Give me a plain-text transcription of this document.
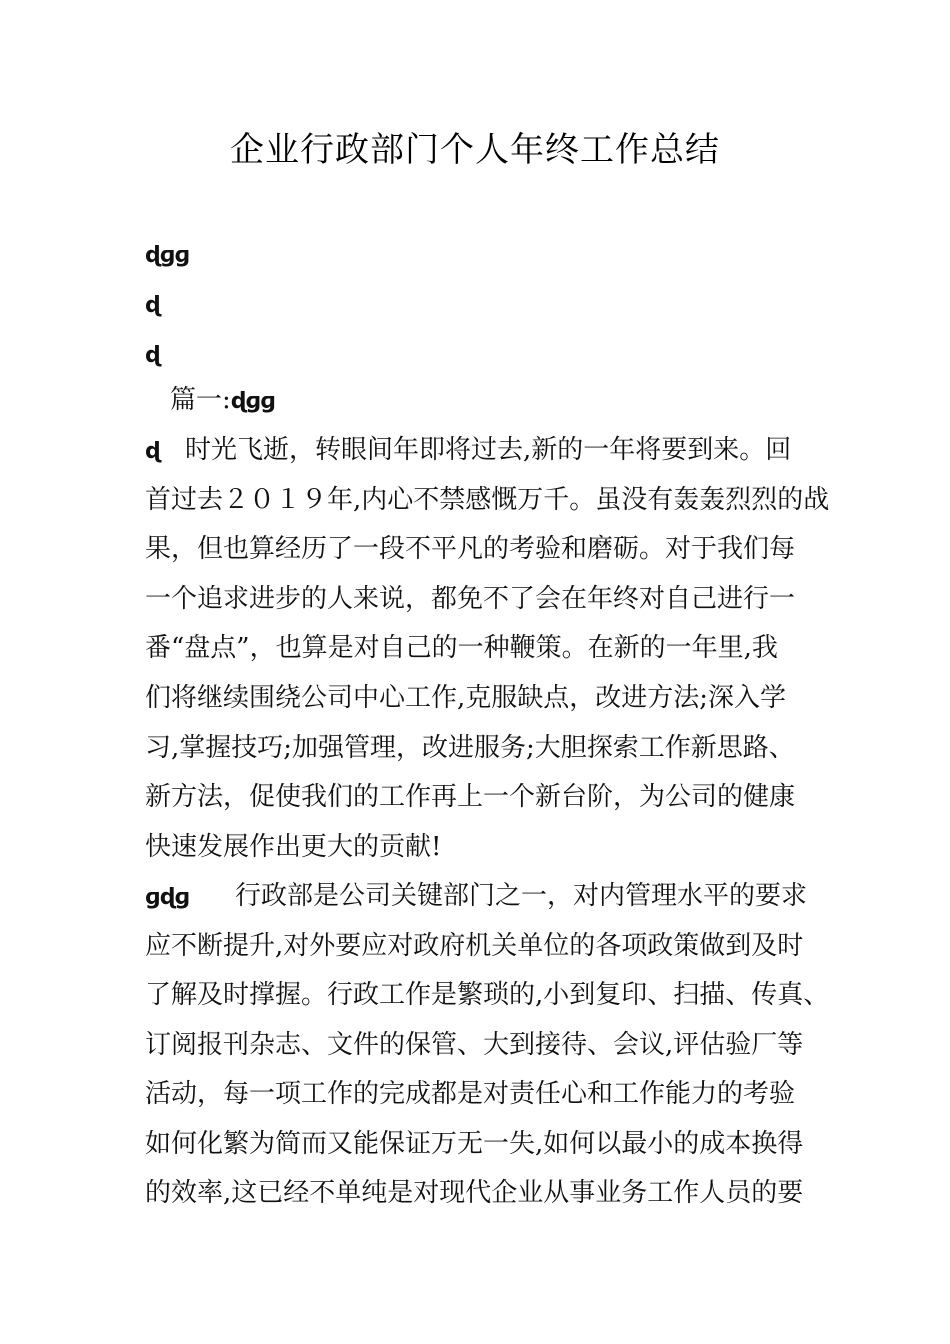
企业行政部门个人年终工作总结
ɖɡɡ
ɖ
ɖ
篇一:ɖɡɡ
ɖ 时光飞逝，转眼间年即将过去,新的一年将要到来。回
首过去２０１９年,内心不禁感慨万千。虽没有轰轰烈烈的战
果，但也算经历了一段不平凡的考验和磨砺。对于我们每
一个追求进步的人来说，都免不了会在年终对自己进行一
番“盘点”，也算是对自己的一种鞭策。在新的一年里,我
们将继续围绕公司中心工作,克服缺点，改进方法;深入学
习,掌握技巧;加强管理，改进服务;大胆探索工作新思路、
新方法，促使我们的工作再上一个新台阶，为公司的健康
快速发展作出更大的贡献!
ɡɖɡ 行政部是公司关键部门之一，对内管理水平的要求
应不断提升,对外要应对政府机关单位的各项政策做到及时
了解及时撑握。行政工作是繁琐的,小到复印、扫描、传真、
订阅报刊杂志、文件的保管、大到接待、会议,评估验厂等
活动，每一项工作的完成都是对责任心和工作能力的考验
如何化繁为简而又能保证万无一失,如何以最小的成本换得
的效率,这已经不单纯是对现代企业从事业务工作人员的要
